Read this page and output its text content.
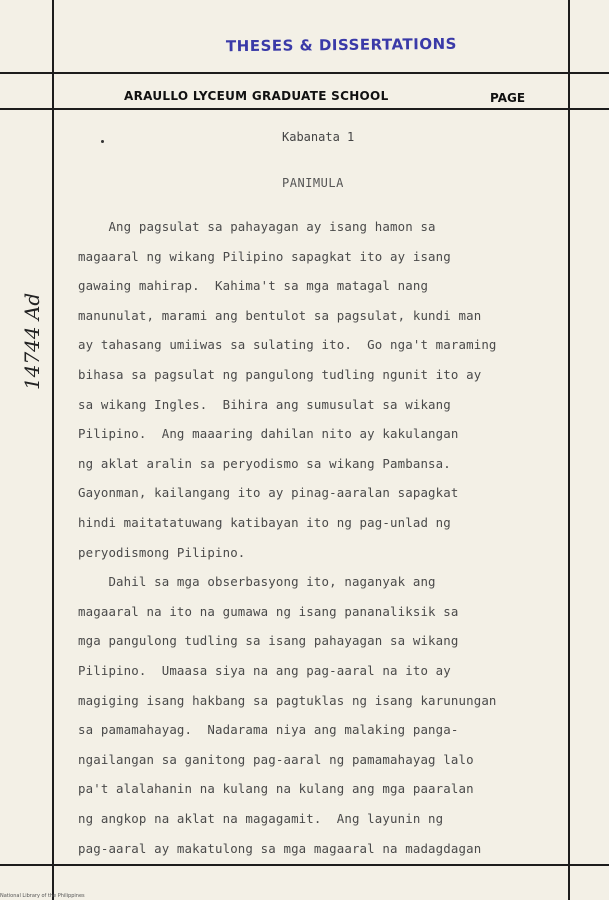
THESES & DISSERTATIONS
ARAULLO LYCEUM GRADUATE SCHOOL	PAGE
Kabanata 1
PANIMULA
14744 Ad
Ang pagsulat sa pahayagan ay isang hamon sa
magaaral ng wikang Pilipino sapagkat ito ay isang
gawaing mahirap.  Kahima't sa mga matagal nang
manunulat, marami ang bentulot sa pagsulat, kundi man
ay tahasang umiiwas sa sulating ito.  Go nga't maraming
bihasa sa pagsulat ng pangulong tudling ngunit ito ay
sa wikang Ingles.  Bihira ang sumusulat sa wikang
Pilipino.  Ang maaaring dahilan nito ay kakulangan
ng aklat aralin sa peryodismo sa wikang Pambansa.
Gayonman, kailangang ito ay pinag-aaralan sapagkat
hindi maitatatuwang katibayan ito ng pag-unlad ng
peryodismong Pilipino.
Dahil sa mga obserbasyong ito, naganyak ang
magaaral na ito na gumawa ng isang pananaliksik sa
mga pangulong tudling sa isang pahayagan sa wikang
Pilipino.  Umaasa siya na ang pag-aaral na ito ay
magiging isang hakbang sa pagtuklas ng isang karunungan
sa pamamahayag.  Nadarama niya ang malaking panga-
ngailangan sa ganitong pag-aaral ng pamamahayag lalo
pa't alalahanin na kulang na kulang ang mga paaralan
ng angkop na aklat na magagamit.  Ang layunin ng
pag-aaral ay makatulong sa mga magaaral na madagdagan
National Library of the Philippines
